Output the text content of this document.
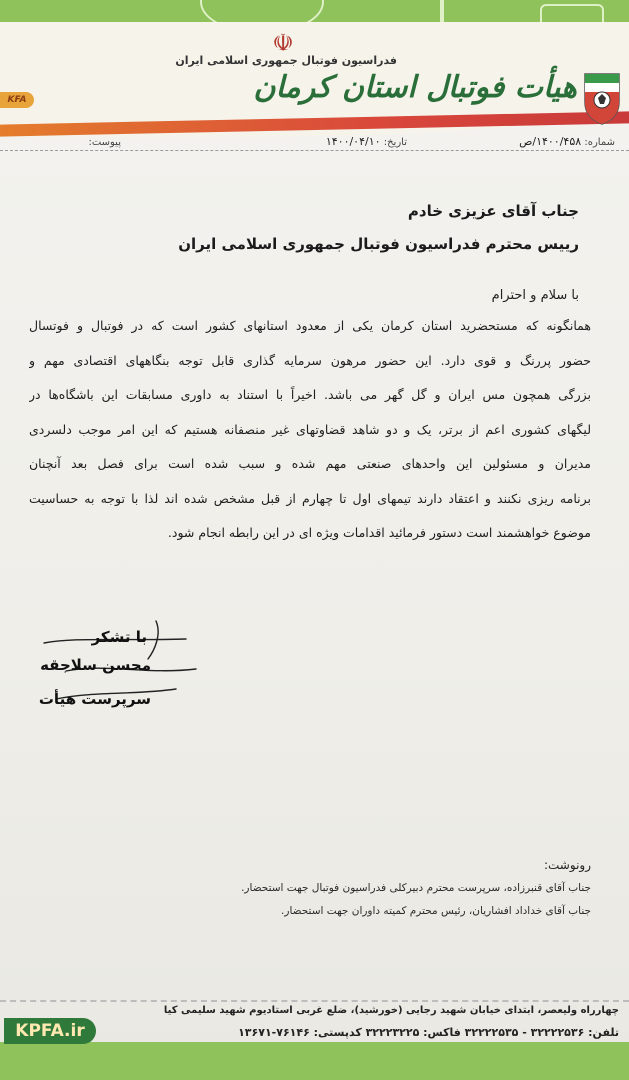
☫
فدراسیون فوتبال جمهوری اسلامی ایران
هیأت فوتبال استان کرمان
KFA
شماره: ۱۴۰۰/۴۵۸/ص
تاریخ: ۱۴۰۰/۰۴/۱۰
پیوست:
جناب آقای عزیزی خادم
رییس محترم فدراسیون فوتبال جمهوری اسلامی ایران
با سلام و احترام
همانگونه که مستحضرید استان کرمان یکی از معدود استانهای کشور است که در فوتبال و فوتسال
حضور پررنگ و قوی دارد. این حضور مرهون سرمایه گذاری قابل توجه بنگاههای اقتصادی مهم و
بزرگی همچون مس ایران و گل گهر می باشد. اخیراً با استناد به داوری مسابقات این باشگاه‌ها در
لیگهای کشوری اعم از برتر، یک و دو شاهد قضاوتهای غیر منصفانه هستیم که این امر موجب دلسردی
مدیران و مسئولین این واحدهای صنعتی مهم شده و سبب شده است برای فصل بعد آنچنان
برنامه ریزی نکنند و اعتقاد دارند تیمهای اول تا چهارم از قبل مشخص شده اند لذا با توجه به حساسیت
موضوع خواهشمند است دستور فرمائید اقدامات ویژه ای در این رابطه انجام شود.
با تشکر
محسن سلاجقه
سرپرست هیأت
رونوشت:
جناب آقای قنبرزاده، سرپرست محترم دبیرکلی فدراسیون فوتبال جهت استحضار.
جناب آقای خداداد افشاریان، رئیس محترم کمیته داوران جهت استحضار.
چهارراه ولیعصر، ابتدای خیابان شهید رجایی (خورشید)، ضلع غربی استادیوم شهید سلیمی کیا
تلفن: ۳۲۲۲۲۵۳۶ - ۳۲۲۲۲۵۳۵ فاکس: ۳۲۲۲۳۲۲۵ کدپستی: ۷۶۱۴۶-۱۳۶۷۱
KPFA.ir
